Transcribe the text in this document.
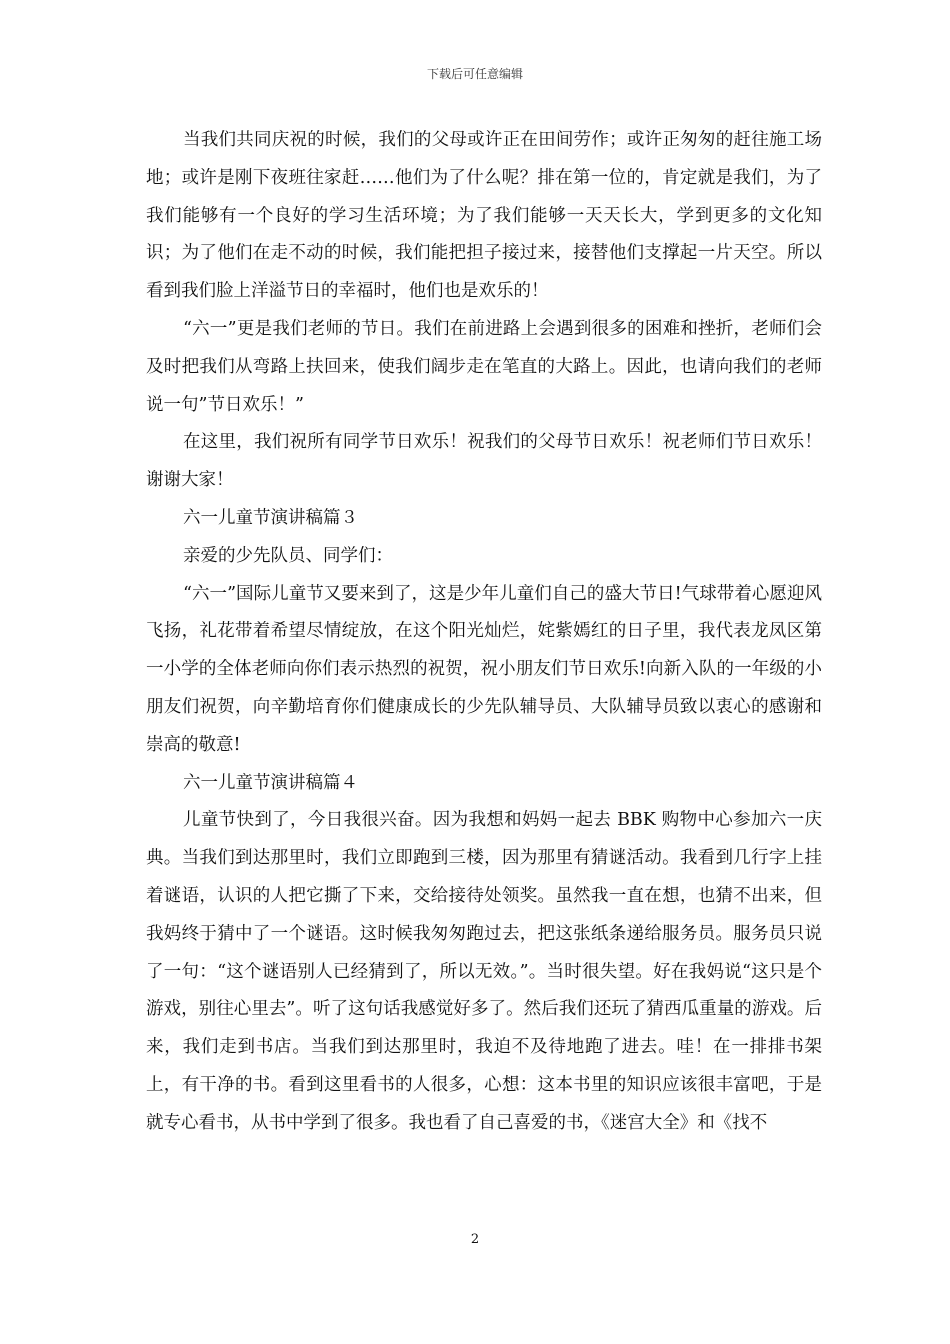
下载后可任意编辑

当我们共同庆祝的时候，我们的父母或许正在田间劳作；或许正匆匆的赶往施工场地；或许是刚下夜班往家赶……他们为了什么呢？排在第一位的，肯定就是我们，为了我们能够有一个良好的学习生活环境；为了我们能够一天天长大，学到更多的文化知识；为了他们在走不动的时候，我们能把担子接过来，接替他们支撑起一片天空。所以看到我们脸上洋溢节日的幸福时，他们也是欢乐的！

“六一”更是我们老师的节日。我们在前进路上会遇到很多的困难和挫折，老师们会及时把我们从弯路上扶回来，使我们阔步走在笔直的大路上。因此，也请向我们的老师说一句”节日欢乐！”

在这里，我们祝所有同学节日欢乐！祝我们的父母节日欢乐！祝老师们节日欢乐！谢谢大家！

六一儿童节演讲稿篇３

亲爱的少先队员、同学们：

“六一”国际儿童节又要来到了，这是少年儿童们自己的盛大节日!气球带着心愿迎风飞扬，礼花带着希望尽情绽放，在这个阳光灿烂，姹紫嫣红的日子里，我代表龙凤区第一小学的全体老师向你们表示热烈的祝贺，祝小朋友们节日欢乐!向新入队的一年级的小朋友们祝贺，向辛勤培育你们健康成长的少先队辅导员、大队辅导员致以衷心的感谢和崇高的敬意!

六一儿童节演讲稿篇４

儿童节快到了，今日我很兴奋。因为我想和妈妈一起去 BBK 购物中心参加六一庆典。当我们到达那里时，我们立即跑到三楼，因为那里有猜谜活动。我看到几行字上挂着谜语，认识的人把它撕了下来，交给接待处领奖。虽然我一直在想，也猜不出来，但我妈终于猜中了一个谜语。这时候我匆匆跑过去，把这张纸条递给服务员。服务员只说了一句：“这个谜语别人已经猜到了，所以无效。”。当时很失望。好在我妈说“这只是个游戏，别往心里去”。听了这句话我感觉好多了。然后我们还玩了猜西瓜重量的游戏。后来，我们走到书店。当我们到达那里时，我迫不及待地跑了进去。哇！在一排排书架上，有干净的书。看到这里看书的人很多，心想：这本书里的知识应该很丰富吧，于是就专心看书，从书中学到了很多。我也看了自己喜爱的书，《迷宫大全》和《找不

2
